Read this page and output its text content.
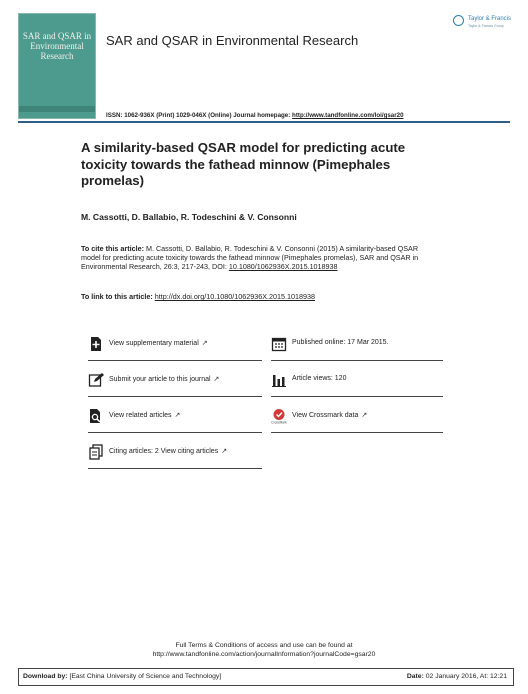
SAR and QSAR in Environmental Research
SAR and QSAR in Environmental Research
Taylor & Francis
Taylor & Francis Group
ISSN: 1062-936X (Print) 1029-046X (Online) Journal homepage: http://www.tandfonline.com/loi/gsar20
A similarity-based QSAR model for predicting acute toxicity towards the fathead minnow (Pimephales promelas)
M. Cassotti, D. Ballabio, R. Todeschini & V. Consonni
To cite this article: M. Cassotti, D. Ballabio, R. Todeschini & V. Consonni (2015) A similarity-based QSAR model for predicting acute toxicity towards the fathead minnow (Pimephales promelas), SAR and QSAR in Environmental Research, 26:3, 217-243, DOI: 10.1080/1062936X.2015.1018938
To link to this article: http://dx.doi.org/10.1080/1062936X.2015.1018938
View supplementary material ↗
Submit your article to this journal ↗
View related articles ↗
Citing articles: 2 View citing articles ↗
Published online: 17 Mar 2015.
Article views: 120
CrossMark
View Crossmark data ↗
Full Terms & Conditions of access and use can be found at
http://www.tandfonline.com/action/journalInformation?journalCode=gsar20
Download by: [East China University of Science and Technology]	Date: 02 January 2016, At: 12:21
